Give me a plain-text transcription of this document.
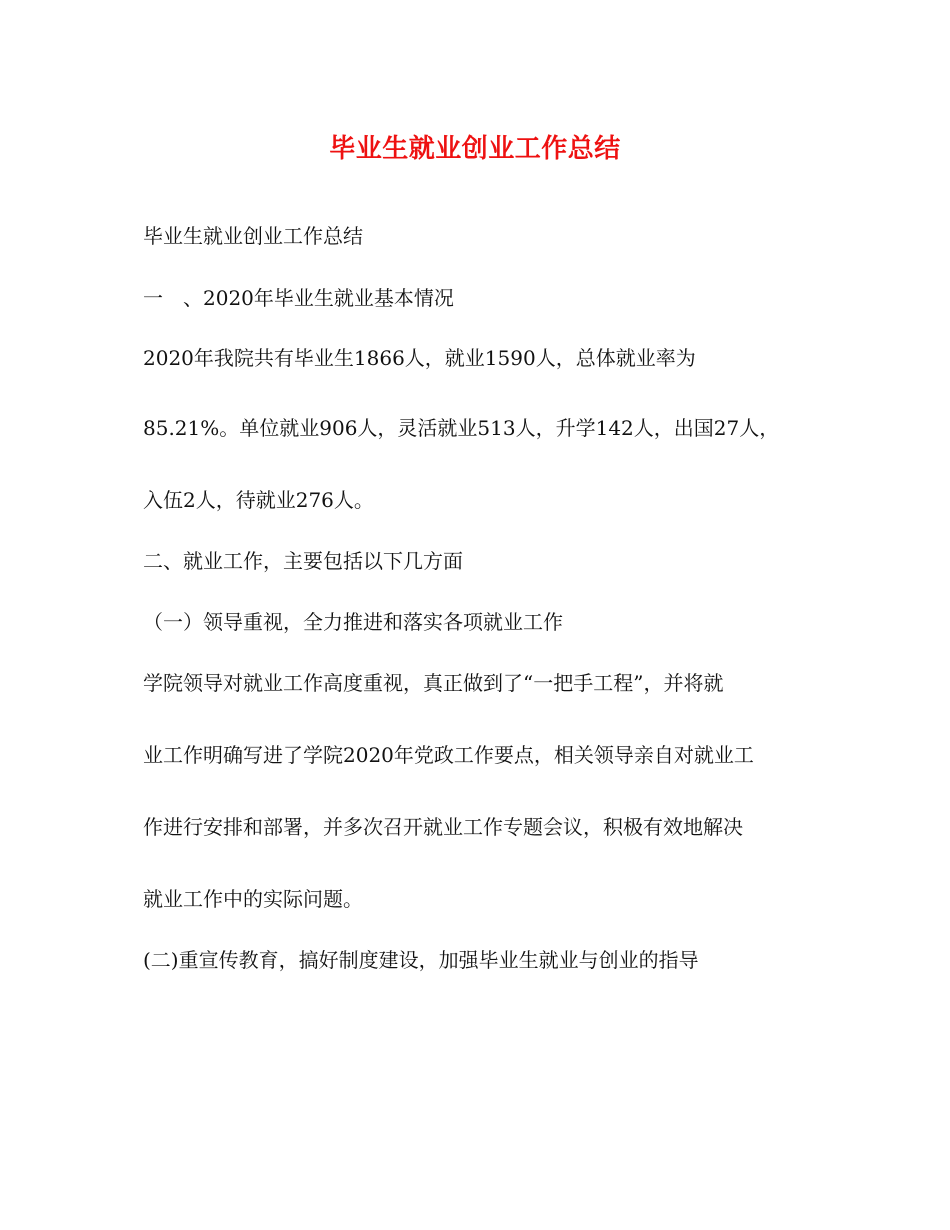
毕业生就业创业工作总结
毕业生就业创业工作总结
一　、2020年毕业生就业基本情况
2020年我院共有毕业生1866人，就业1590人，总体就业率为
85.21%。单位就业906人，灵活就业513人，升学142人，出国27人，
入伍2人，待就业276人。
二、就业工作，主要包括以下几方面
（一）领导重视，全力推进和落实各项就业工作
学院领导对就业工作高度重视，真正做到了“一把手工程”，并将就
业工作明确写进了学院2020年党政工作要点，相关领导亲自对就业工
作进行安排和部署，并多次召开就业工作专题会议，积极有效地解决
就业工作中的实际问题。
(二)重宣传教育，搞好制度建设，加强毕业生就业与创业的指导
